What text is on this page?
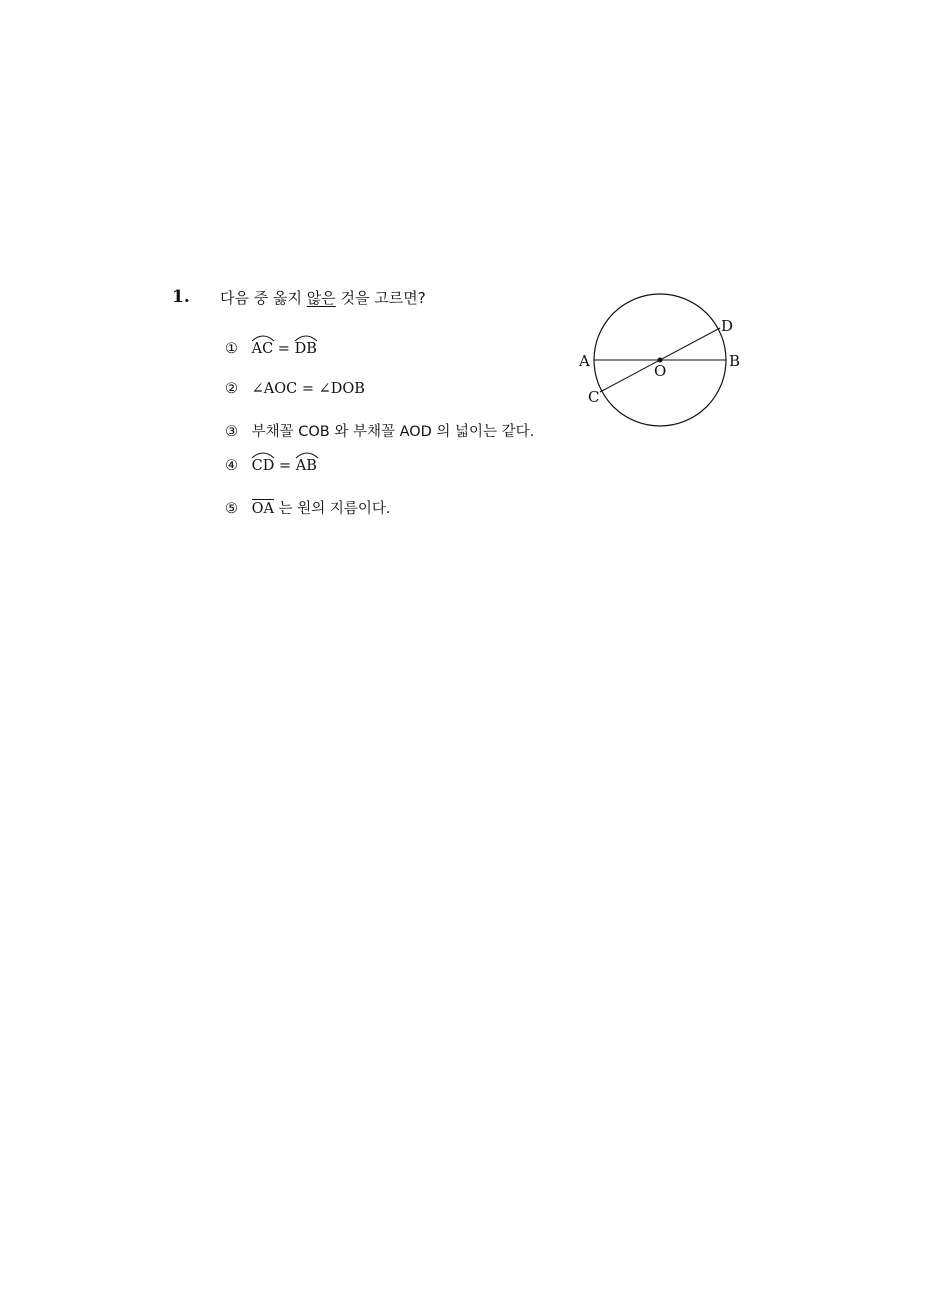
1. 다음 중 옳지 않은 것을 고르면?
① AC =
DB
② ∠AOC = ∠DOB
③ 부채꼴 COB 와 부채꼴 AOD 의 넓이는 같다.
④ CD =
AB
⑤ OA 는 원의 지름이다.
A	B
C
D
O
